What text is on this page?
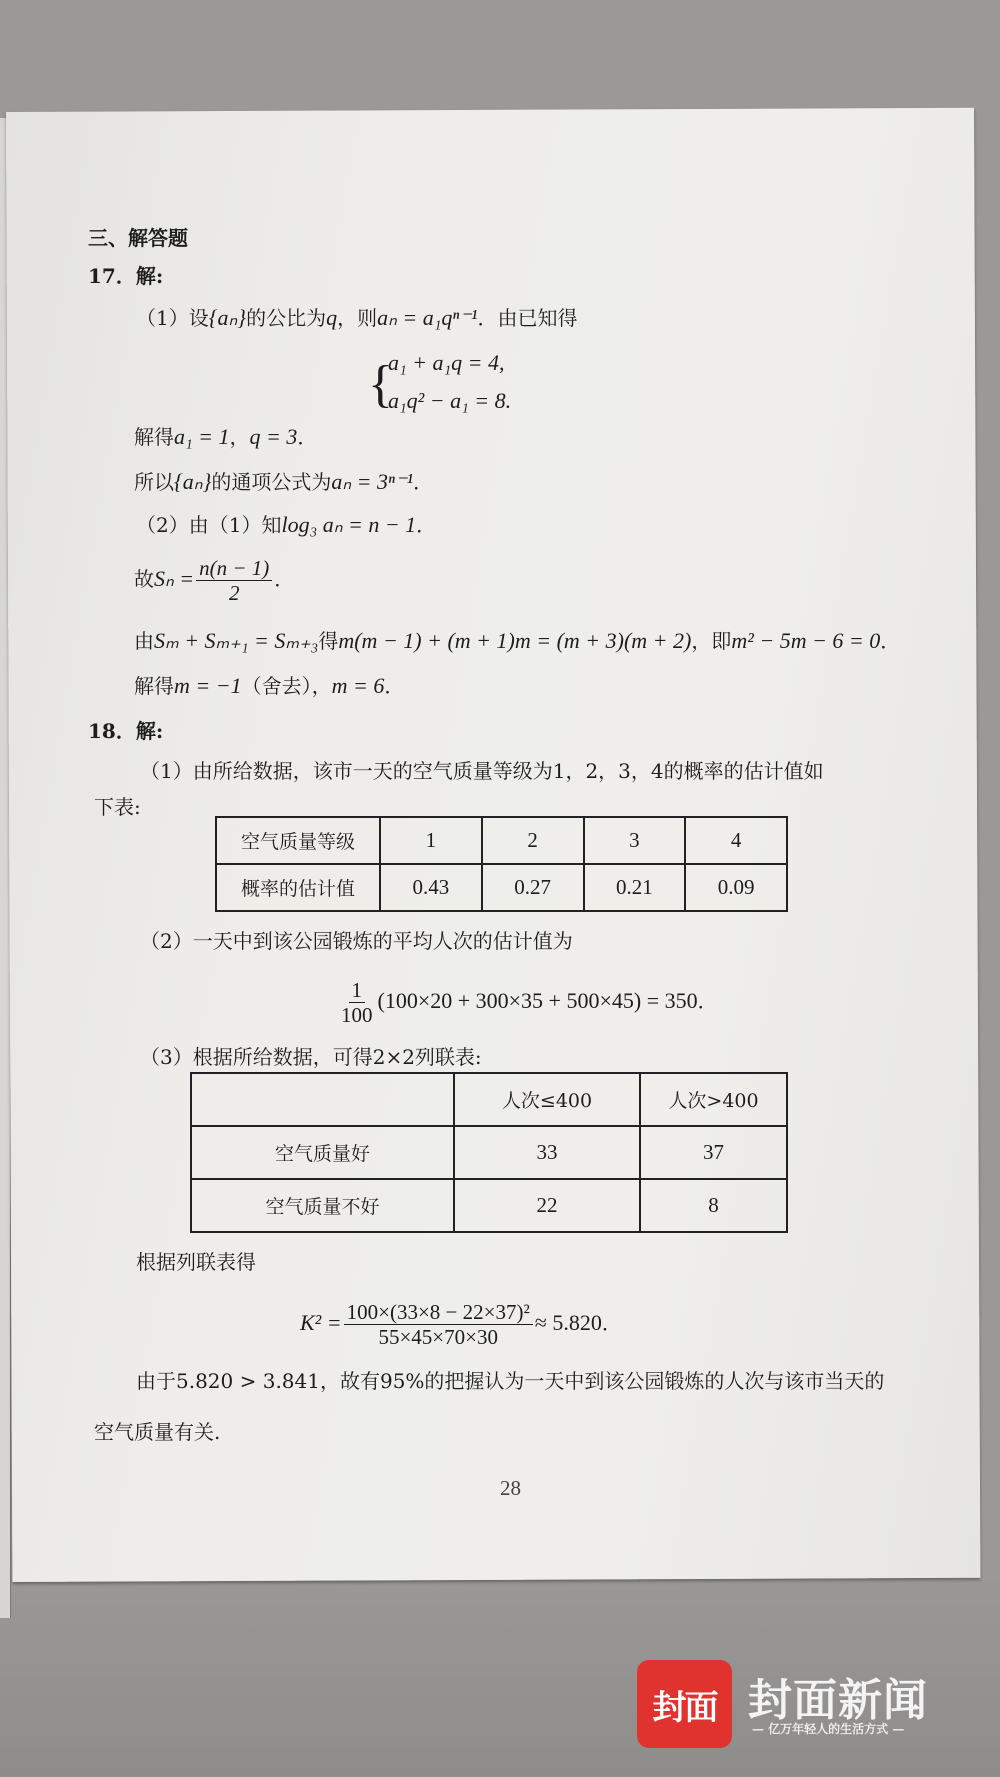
三、解答题
17．解:
（1）设{aₙ}的公比为q，则aₙ = a₁qⁿ⁻¹．由已知得
{
a₁ + a₁q = 4,
a₁q² − a₁ = 8.
解得a₁ = 1，q = 3．
所以{aₙ}的通项公式为aₙ = 3ⁿ⁻¹．
（2）由（1）知log₃ aₙ = n − 1．
故$S_n = \frac{n(n - 1)}{2}$ ．
由Sₘ + Sₘ₊₁ = Sₘ₊₃得m(m − 1) + (m + 1)m = (m + 3)(m + 2)，即m² − 5m − 6 = 0．
解得m = −1（舍去），m = 6．
18．解:
（1）由所给数据，该市一天的空气质量等级为1，2，3，4的概率的估计值如
下表:
空气质量等级	1	2	3	4
概率的估计值	0.43	0.27	0.21	0.09
（2）一天中到该公园锻炼的平均人次的估计值为
$\frac{1}{100} (100\times 20 + 300\times 35 + 500\times 45) = 350$．
（3）根据所给数据，可得2×2列联表:
	人次≤400	人次>400
空气质量好	33	37
空气质量不好	22	8
根据列联表得
$K^2 = \frac{\text{100×(33×8 − 22×37)²}}{55\times 45\times 70\times 30} \approx 5.820$．
由于5.820 > 3.841，故有95%的把握认为一天中到该公园锻炼的人次与该市当天的
空气质量有关.
28
封面 封面新闻
— 亿万年轻人的生活方式 —
